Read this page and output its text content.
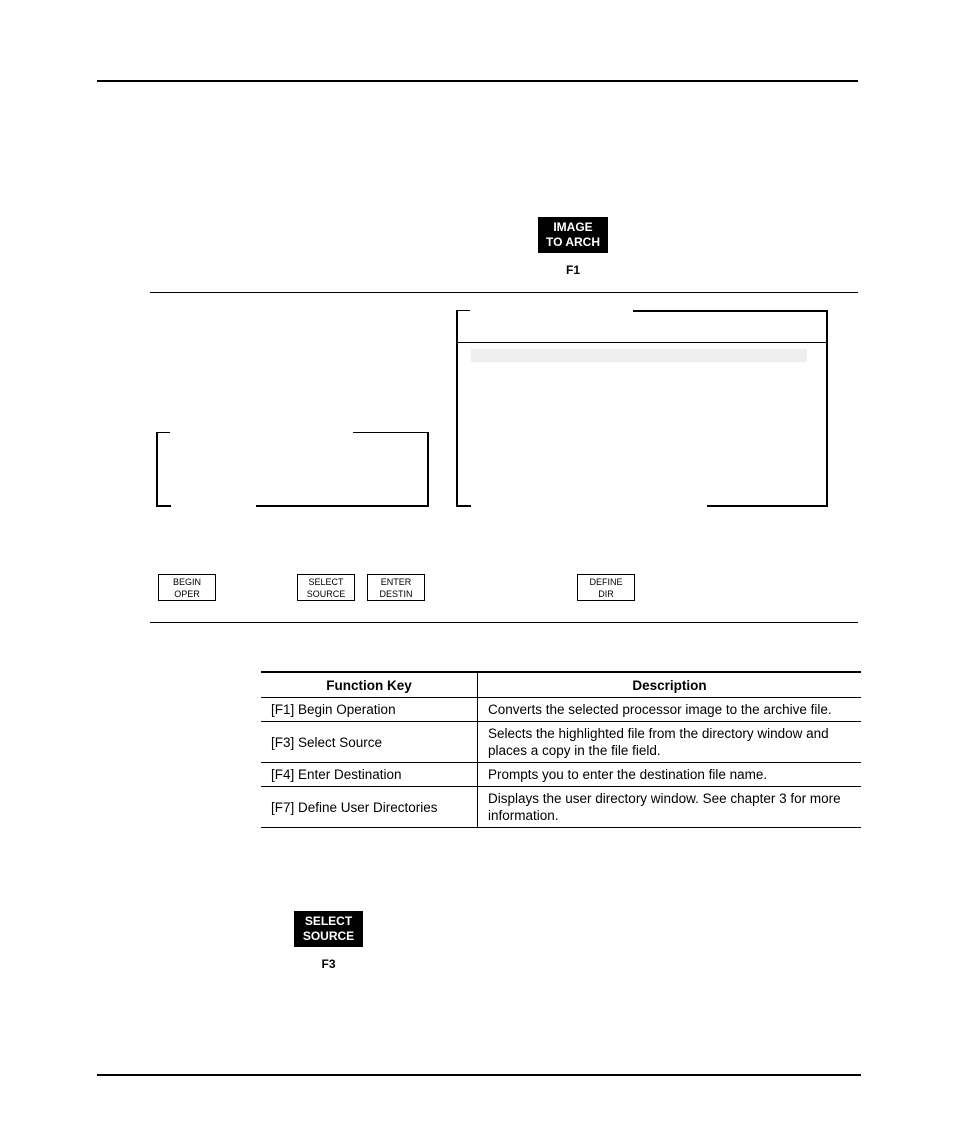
IMAGE
TO ARCH
F1
BEGIN
OPER
SELECT
SOURCE
ENTER
DESTIN
DEFINE
DIR
Function Key	Description
[F1] Begin Operation	Converts the selected processor image to the archive file.
[F3] Select Source	Selects the highlighted file from the directory window and places a copy in the file field.
[F4] Enter Destination	Prompts you to enter the destination file name.
[F7] Define User Directories	Displays the user directory window. See chapter 3 for more information.
SELECT
SOURCE
F3
